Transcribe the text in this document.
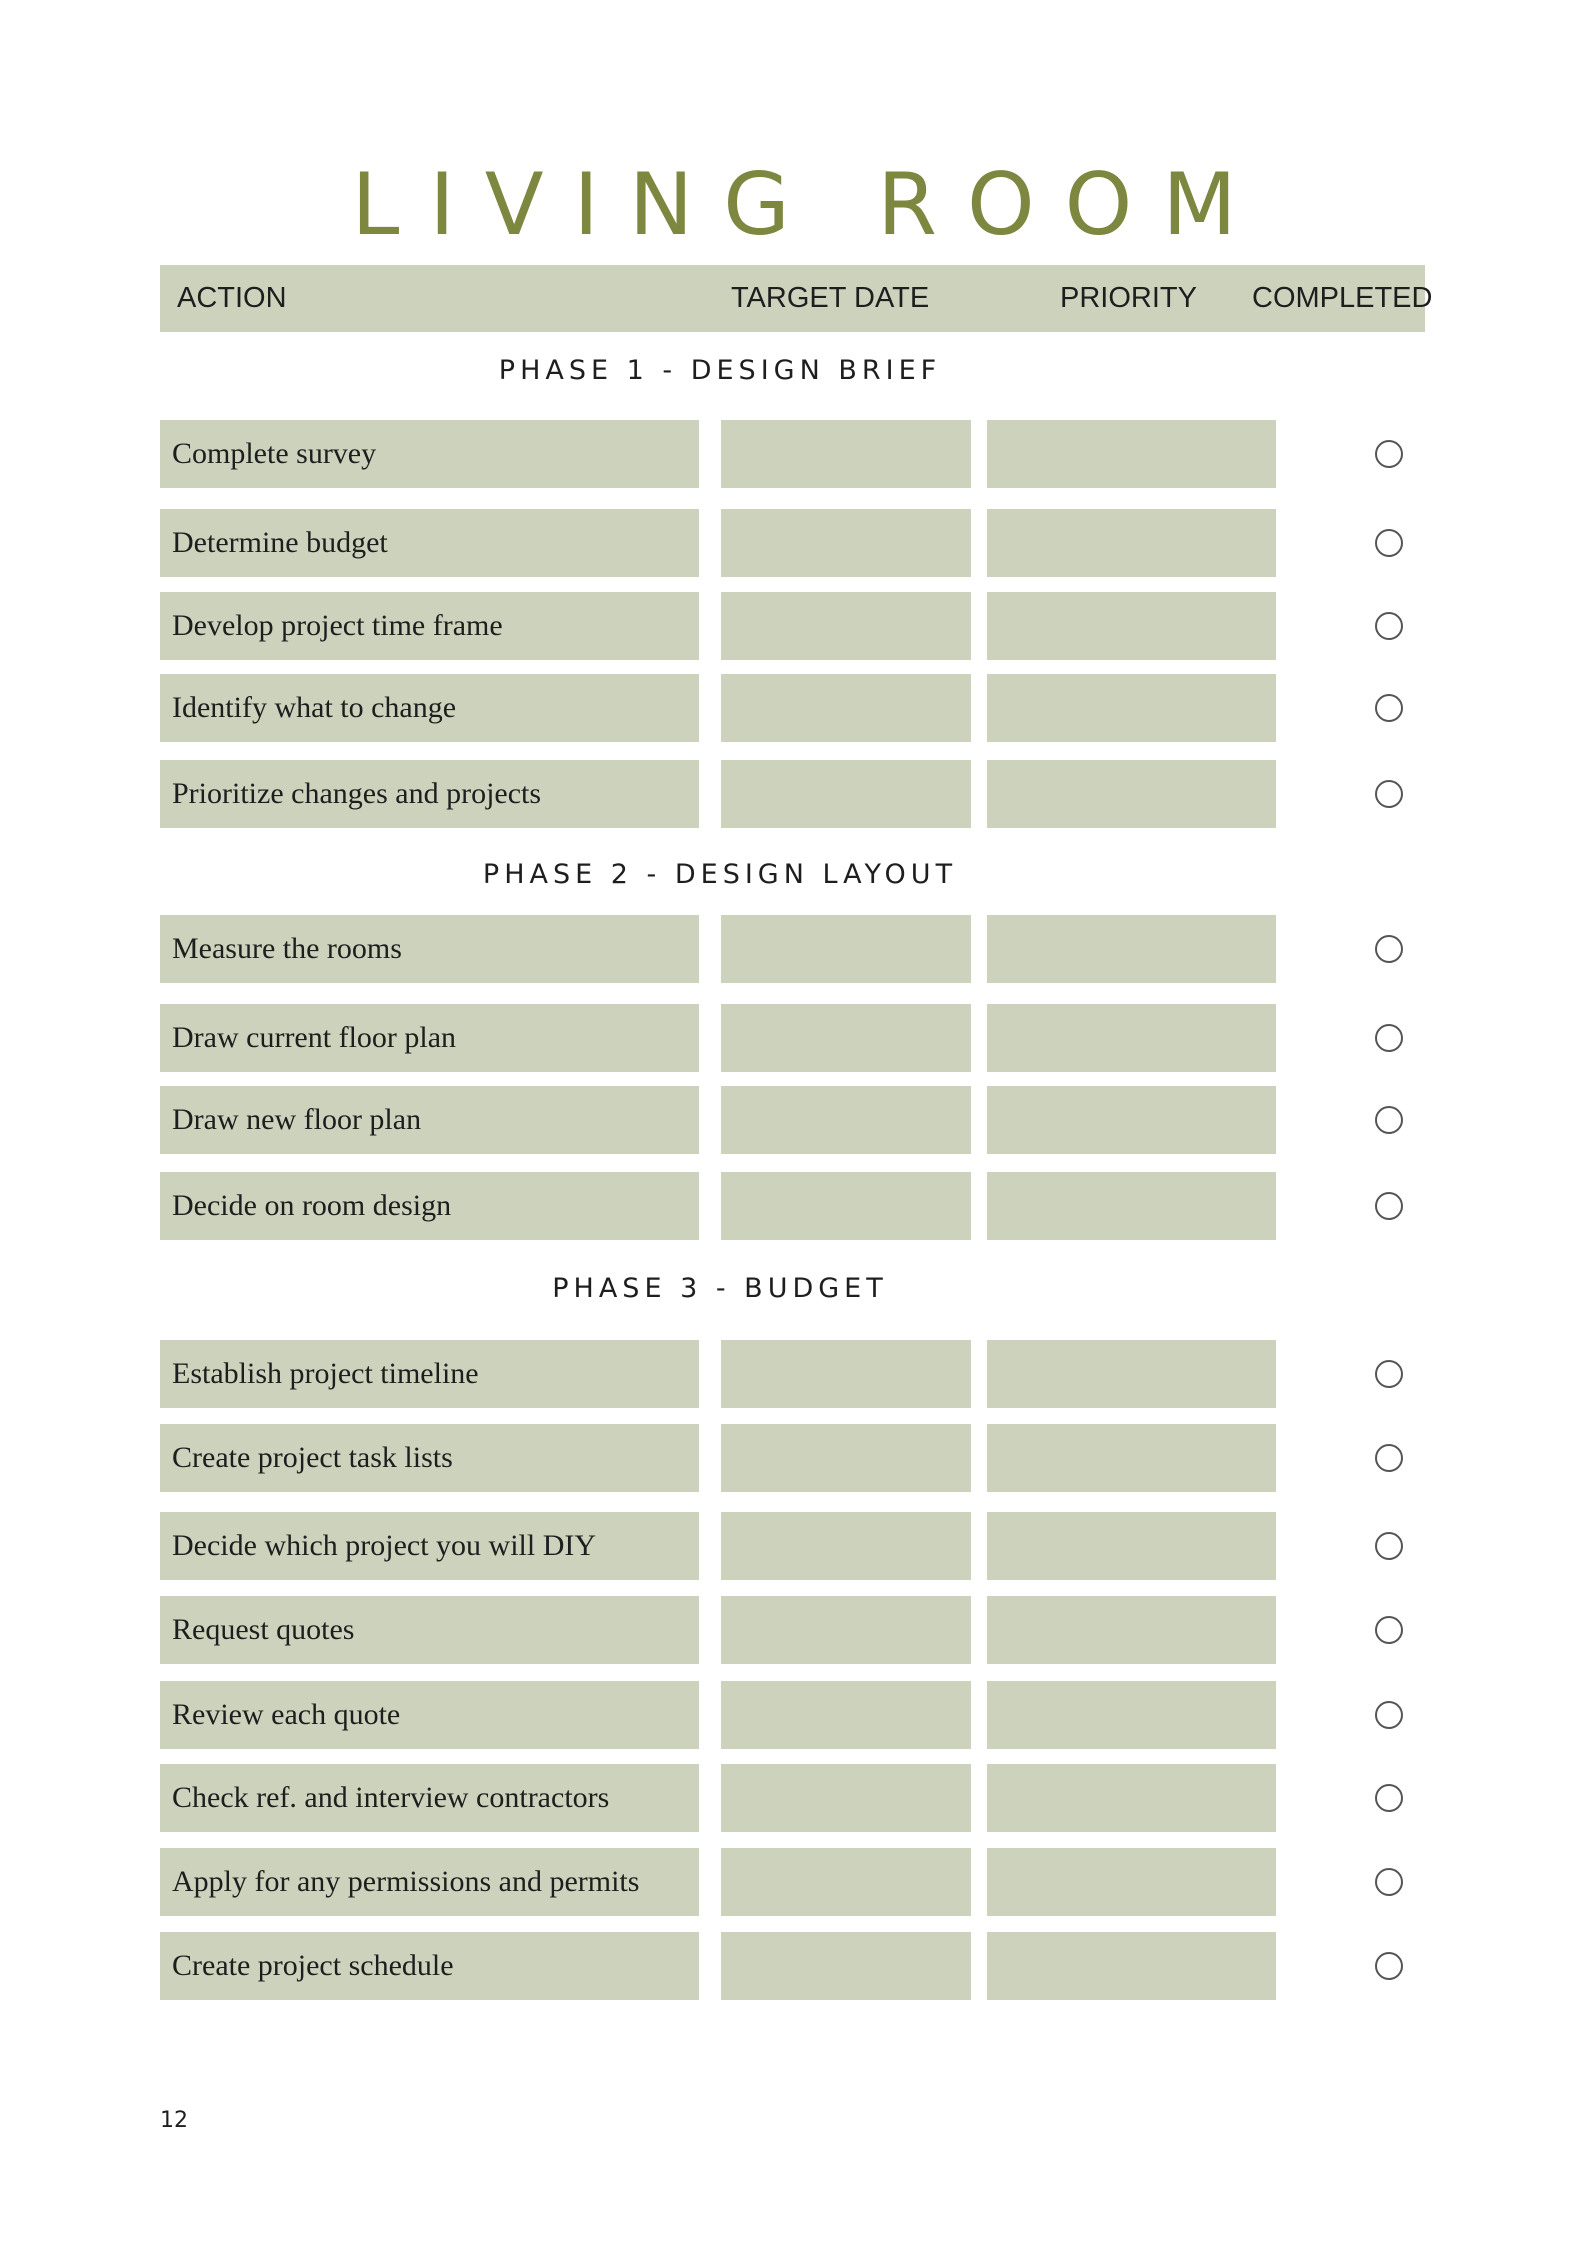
LIVING ROOM
ACTION	TARGET DATE	PRIORITY COMPLETED
PHASE 1 - DESIGN BRIEF
Complete survey
Determine budget
Develop project time frame
Identify what to change
Prioritize changes and projects
PHASE 2 - DESIGN LAYOUT
Measure the rooms
Draw current floor plan
Draw new floor plan
Decide on room design
PHASE 3 - BUDGET
Establish project timeline
Create project task lists
Decide which project you will DIY
Request quotes
Review each quote
Check ref. and interview contractors
Apply for any permissions and permits
Create project schedule
12
